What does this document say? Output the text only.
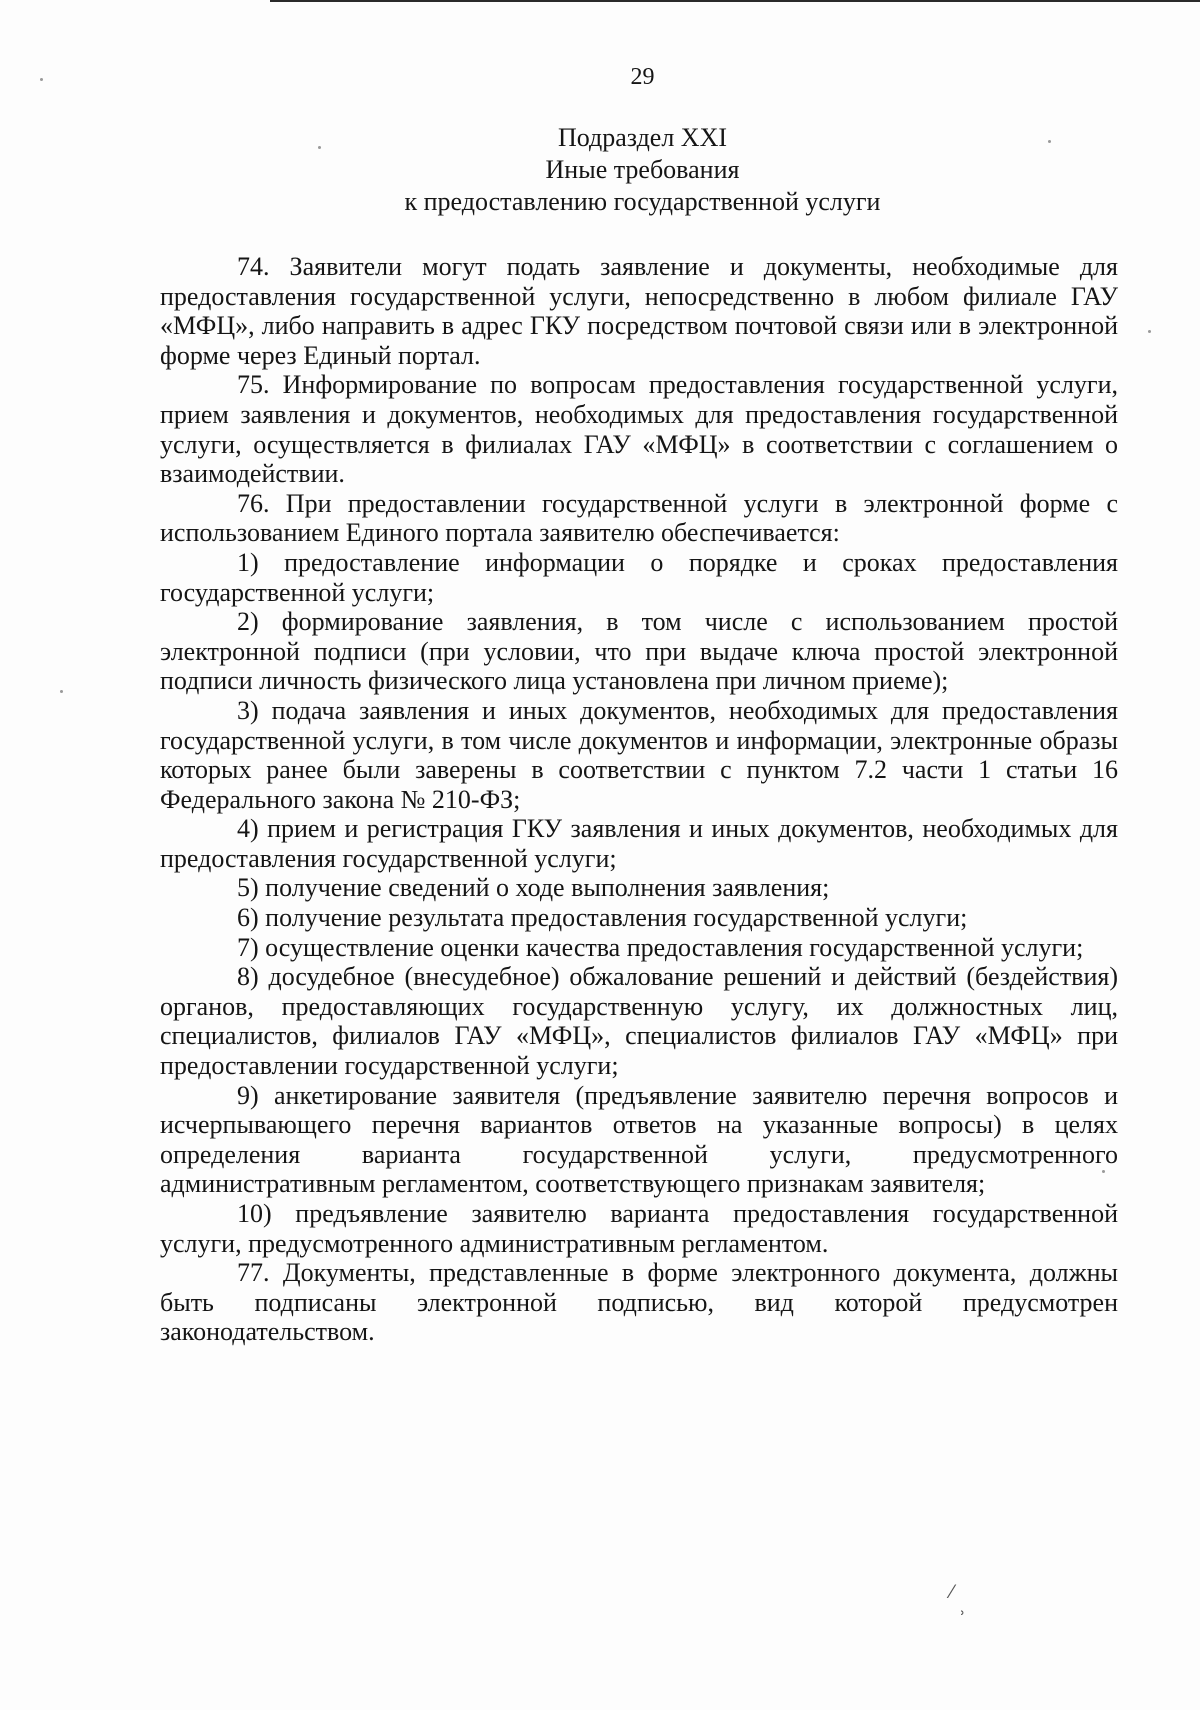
29
Подраздел XXI
Иные требования
к предоставлению государственной услуги

74. Заявители могут подать заявление и документы, необходимые для предоставления государственной услуги, непосредственно в любом филиале ГАУ «МФЦ», либо направить в адрес ГКУ посредством почтовой связи или в электронной форме через Единый портал.

75. Информирование по вопросам предоставления государственной услуги, прием заявления и документов, необходимых для предоставления государственной услуги, осуществляется в филиалах ГАУ «МФЦ» в соответствии с соглашением о взаимодействии.

76. При предоставлении государственной услуги в электронной форме с использованием Единого портала заявителю обеспечивается:

1) предоставление информации о порядке и сроках предоставления государственной услуги;

2) формирование заявления, в том числе с использованием простой электронной подписи (при условии, что при выдаче ключа простой электронной подписи личность физического лица установлена при личном приеме);

3) подача заявления и иных документов, необходимых для предоставления государственной услуги, в том числе документов и информации, электронные образы которых ранее были заверены в соответствии с пунктом 7.2 части 1 статьи 16 Федерального закона № 210-ФЗ;

4) прием и регистрация ГКУ заявления и иных документов, необходимых для предоставления государственной услуги;

5) получение сведений о ходе выполнения заявления;

6) получение результата предоставления государственной услуги;

7) осуществление оценки качества предоставления государственной услуги;

8) досудебное (внесудебное) обжалование решений и действий (бездействия) органов, предоставляющих государственную услугу, их должностных лиц, специалистов, филиалов ГАУ «МФЦ», специалистов филиалов ГАУ «МФЦ» при предоставлении государственной услуги;

9) анкетирование заявителя (предъявление заявителю перечня вопросов и исчерпывающего перечня вариантов ответов на указанные вопросы) в целях определения варианта государственной услуги, предусмотренного административным регламентом, соответствующего признакам заявителя;

10) предъявление заявителю варианта предоставления государственной услуги, предусмотренного административным регламентом.

77. Документы, представленные в форме электронного документа, должны быть подписаны электронной подписью, вид которой предусмотрен законодательством.

⁄
ʾ
